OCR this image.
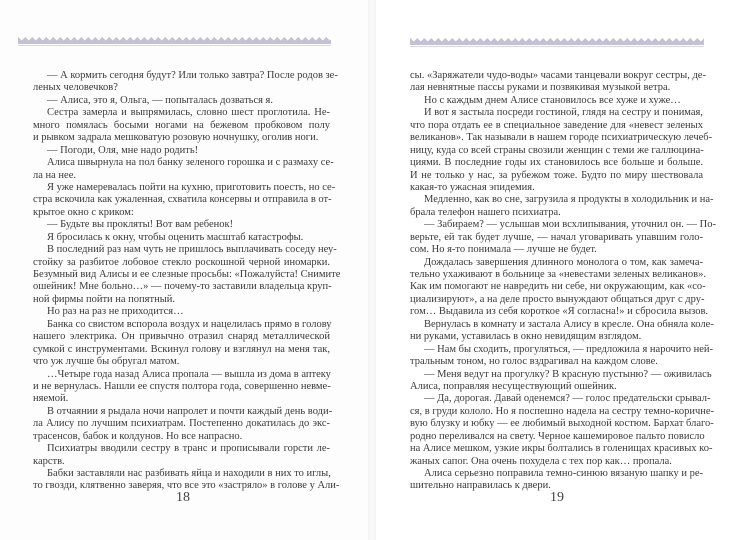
— А кормить сегодня будут? Или только завтра? После родов зе-
леных человечков?
— Алиса, это я, Ольга, — попыталась дозваться я.
Сестра замерла и выпрямилась, словно шест проглотила. Не-
много помялась босыми ногами на бежевом пробковом полу
и рывком задрала мешковатую розовую ночнушку, оголив ноги.
— Погоди, Оля, мне надо родить!
Алиса швырнула на пол банку зеленого горошка и с размаху се-
ла на нее.
Я уже намеревалась пойти на кухню, приготовить поесть, но се-
стра вскочила как ужаленная, схватила консервы и отправила в от-
крытое окно с криком:
— Будьте вы прокляты! Вот вам ребенок!
Я бросилась к окну, чтобы оценить масштаб катастрофы.
В последний раз нам чуть не пришлось выплачивать соседу неу-
стойку за разбитое лобовое стекло роскошной черной иномарки.
Безумный вид Алисы и ее слезные просьбы: «Пожалуйста! Снимите
ошейник! Мне больно…» — почему-то заставили владельца круп-
ной фирмы пойти на попятный.
Но раз на раз не приходится…
Банка со свистом вспорола воздух и нацелилась прямо в голову
нашего электрика. Он привычно отразил снаряд металлической
сумкой с инструментами. Вскинул голову и взглянул на меня так,
что уж лучше бы обругал матом.
…Четыре года назад Алиса пропала — вышла из дома в аптеку
и не вернулась. Нашли ее спустя полтора года, совершенно невме-
няемой.
В отчаянии я рыдала ночи напролет и почти каждый день води-
ла Алису по лучшим психиатрам. Постепенно докатилась до экс-
трасенсов, бабок и колдунов. Но все напрасно.
Психиатры вводили сестру в транс и прописывали горсти ле-
карств.
Бабки заставляли нас разбивать яйца и находили в них то иглы,
то гвозди, клятвенно заверяя, что все это «застряло» в голове у Али-
18
сы. «Заряжатели чудо-воды» часами танцевали вокруг сестры, де-
лая невнятные пассы руками и позвякивая музыкой ветра.
Но с каждым днем Алисе становилось все хуже и хуже…
И вот я застыла посреди гостиной, глядя на сестру и понимая,
что пора отдать ее в специальное заведение для «невест зеленых
великанов». Так называли в нашем городе психиатрическую лечеб-
ницу, куда со всей страны свозили женщин с теми же галлюцина-
циями. В последние годы их становилось все больше и больше.
И не только у нас, за рубежом тоже. Будто по миру шествовала
какая-то ужасная эпидемия.
Медленно, как во сне, загрузила я продукты в холодильник и на-
брала телефон нашего психиатра.
— Забираем? — услышав мои всхлипывания, уточнил он. — По-
верьте, ей так будет лучше, — начал уговаривать упавшим голо-
сом. Но я-то понимала — лучше не будет.
Дождалась завершения длинного монолога о том, как замеча-
тельно ухаживают в больнице за «невестами зеленых великанов».
Как им помогают не навредить ни себе, ни окружающим, как «со-
циализируют», а на деле просто вынуждают общаться друг с дру-
гом… Выдавила из себя короткое «Я согласна!» и сбросила вызов.
Вернулась в комнату и застала Алису в кресле. Она обняла коле-
ни руками, уставилась в окно невидящим взглядом.
— Нам бы сходить, прогуляться, — предложила я нарочито ней-
тральным тоном, но голос вздрагивал на каждом слове.
— Меня ведут на прогулку? В красную пустыню? — оживилась
Алиса, поправляя несуществующий ошейник.
— Да, дорогая. Давай оденемся? — голос предательски срывал-
ся, в груди кололо. Но я поспешно надела на сестру темно-коричне-
вую блузку и юбку — ее любимый выходной костюм. Бархат благо-
родно переливался на свету. Черное кашемировое пальто повисло
на Алисе мешком, узкие икры болтались в голенищах красивых ко-
жаных сапог. Она очень похудела с тех пор как… пропала.
Алиса серьезно поправила темно-синюю вязаную шапку и ре-
шительно направилась к двери.
19
